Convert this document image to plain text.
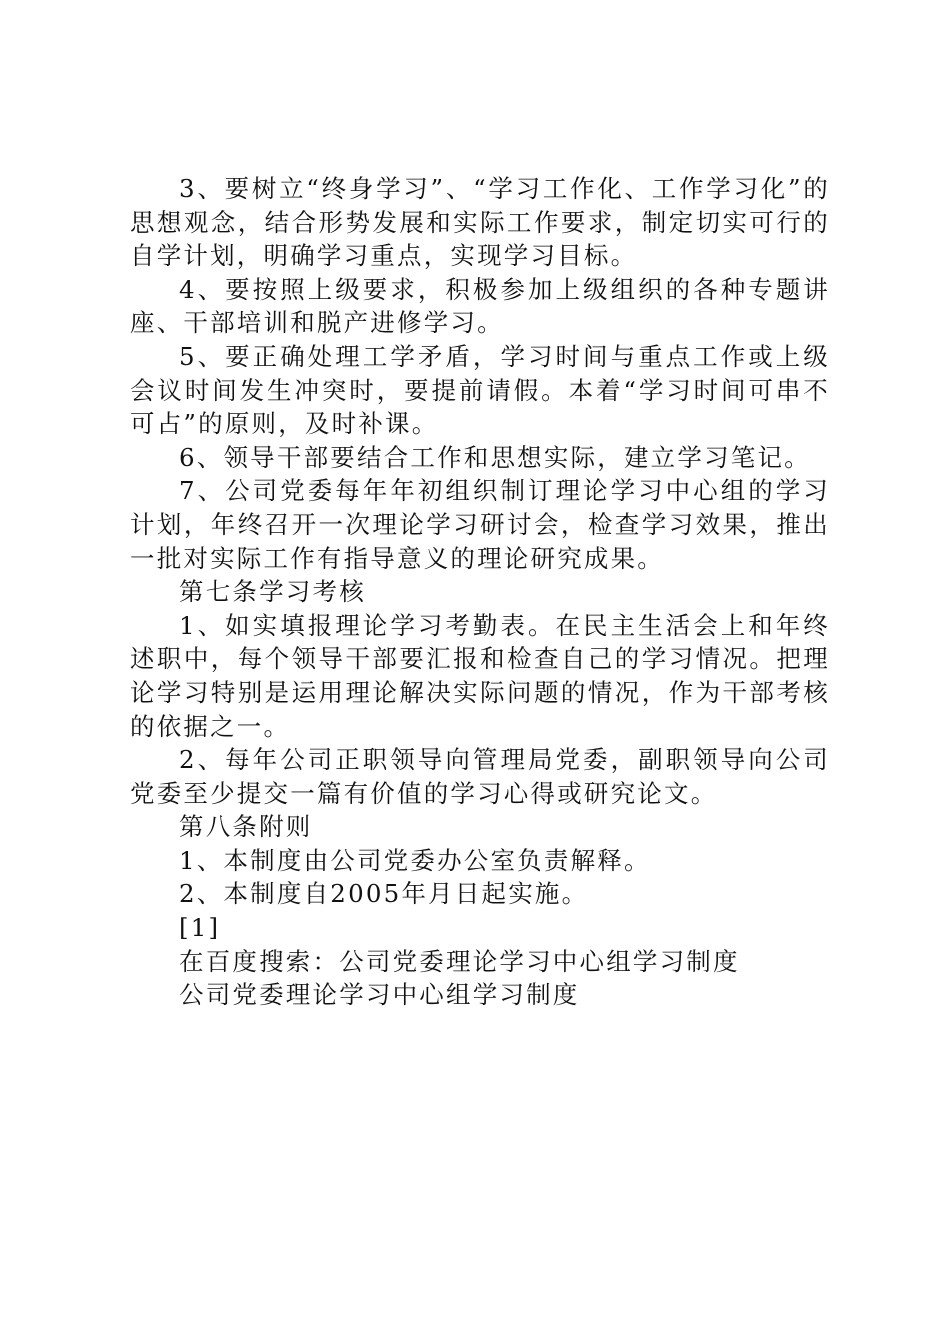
3、要树立“终身学习”、“学习工作化、工作学习化”的思想观念，结合形势发展和实际工作要求，制定切实可行的自学计划，明确学习重点，实现学习目标。

4、要按照上级要求，积极参加上级组织的各种专题讲座、干部培训和脱产进修学习。

5、要正确处理工学矛盾，学习时间与重点工作或上级会议时间发生冲突时，要提前请假。本着“学习时间可串不可占”的原则，及时补课。

6、领导干部要结合工作和思想实际，建立学习笔记。

7、公司党委每年年初组织制订理论学习中心组的学习计划，年终召开一次理论学习研讨会，检查学习效果，推出一批对实际工作有指导意义的理论研究成果。

第七条学习考核

1、如实填报理论学习考勤表。在民主生活会上和年终述职中，每个领导干部要汇报和检查自己的学习情况。把理论学习特别是运用理论解决实际问题的情况，作为干部考核的依据之一。

2、每年公司正职领导向管理局党委，副职领导向公司党委至少提交一篇有价值的学习心得或研究论文。

第八条附则

1、本制度由公司党委办公室负责解释。

2、本制度自2005年月日起实施。

[1]

在百度搜索：公司党委理论学习中心组学习制度

公司党委理论学习中心组学习制度
